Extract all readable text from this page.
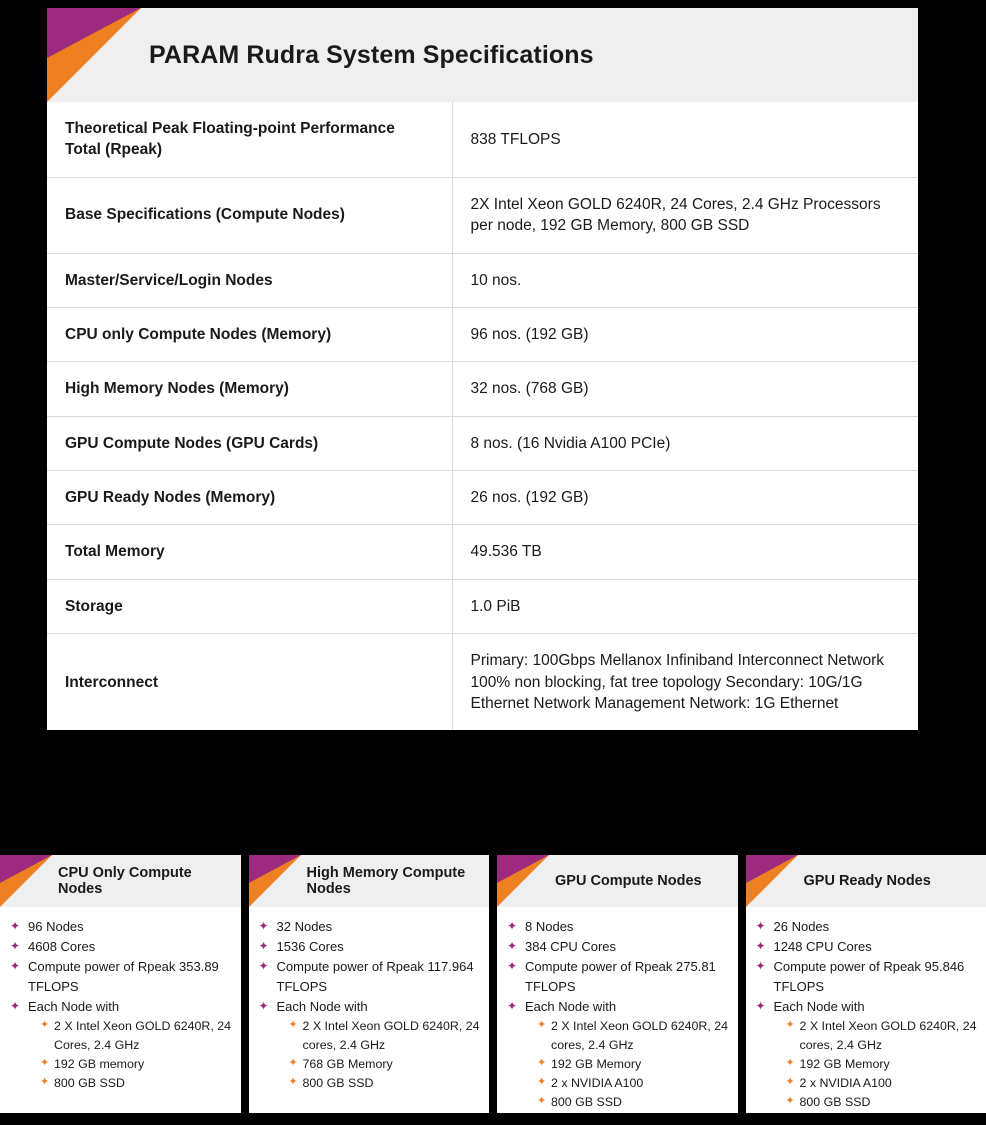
PARAM Rudra System Specifications
Theoretical Peak Floating-point Performance Total (Rpeak)	838 TFLOPS
Base Specifications (Compute Nodes)	2X Intel Xeon GOLD 6240R, 24 Cores, 2.4 GHz Processors per node, 192 GB Memory, 800 GB SSD
Master/Service/Login Nodes	10 nos.
CPU only Compute Nodes (Memory)	96 nos. (192 GB)
High Memory Nodes (Memory)	32 nos. (768 GB)
GPU Compute Nodes (GPU Cards)	8 nos. (16 Nvidia A100 PCIe)
GPU Ready Nodes (Memory)	26 nos. (192 GB)
Total Memory	49.536 TB
Storage	1.0 PiB
Interconnect	Primary: 100Gbps Mellanox Infiniband Interconnect Network 100% non blocking, fat tree topology Secondary: 10G/1G Ethernet Network Management Network: 1G Ethernet
CPU Only Compute Nodes
✦ 96 Nodes
✦ 4608 Cores
✦ Compute power of Rpeak 353.89 TFLOPS
✦ Each Node with
✦ 2 X Intel Xeon GOLD 6240R, 24 Cores, 2.4 GHz
✦ 192 GB memory
✦ 800 GB SSD
High Memory Compute Nodes
✦ 32 Nodes
✦ 1536 Cores
✦ Compute power of Rpeak 117.964 TFLOPS
✦ Each Node with
✦ 2 X Intel Xeon GOLD 6240R, 24 cores, 2.4 GHz
✦ 768 GB Memory
✦ 800 GB SSD
GPU Compute Nodes
✦ 8 Nodes
✦ 384 CPU Cores
✦ Compute power of Rpeak 275.81 TFLOPS
✦ Each Node with
✦ 2 X Intel Xeon GOLD 6240R, 24 cores, 2.4 GHz
✦ 192 GB Memory
✦ 2 x NVIDIA A100
✦ 800 GB SSD
GPU Ready Nodes
✦ 26 Nodes
✦ 1248 CPU Cores
✦ Compute power of Rpeak 95.846 TFLOPS
✦ Each Node with
✦ 2 X Intel Xeon GOLD 6240R, 24 cores, 2.4 GHz
✦ 192 GB Memory
✦ 2 x NVIDIA A100
✦ 800 GB SSD
